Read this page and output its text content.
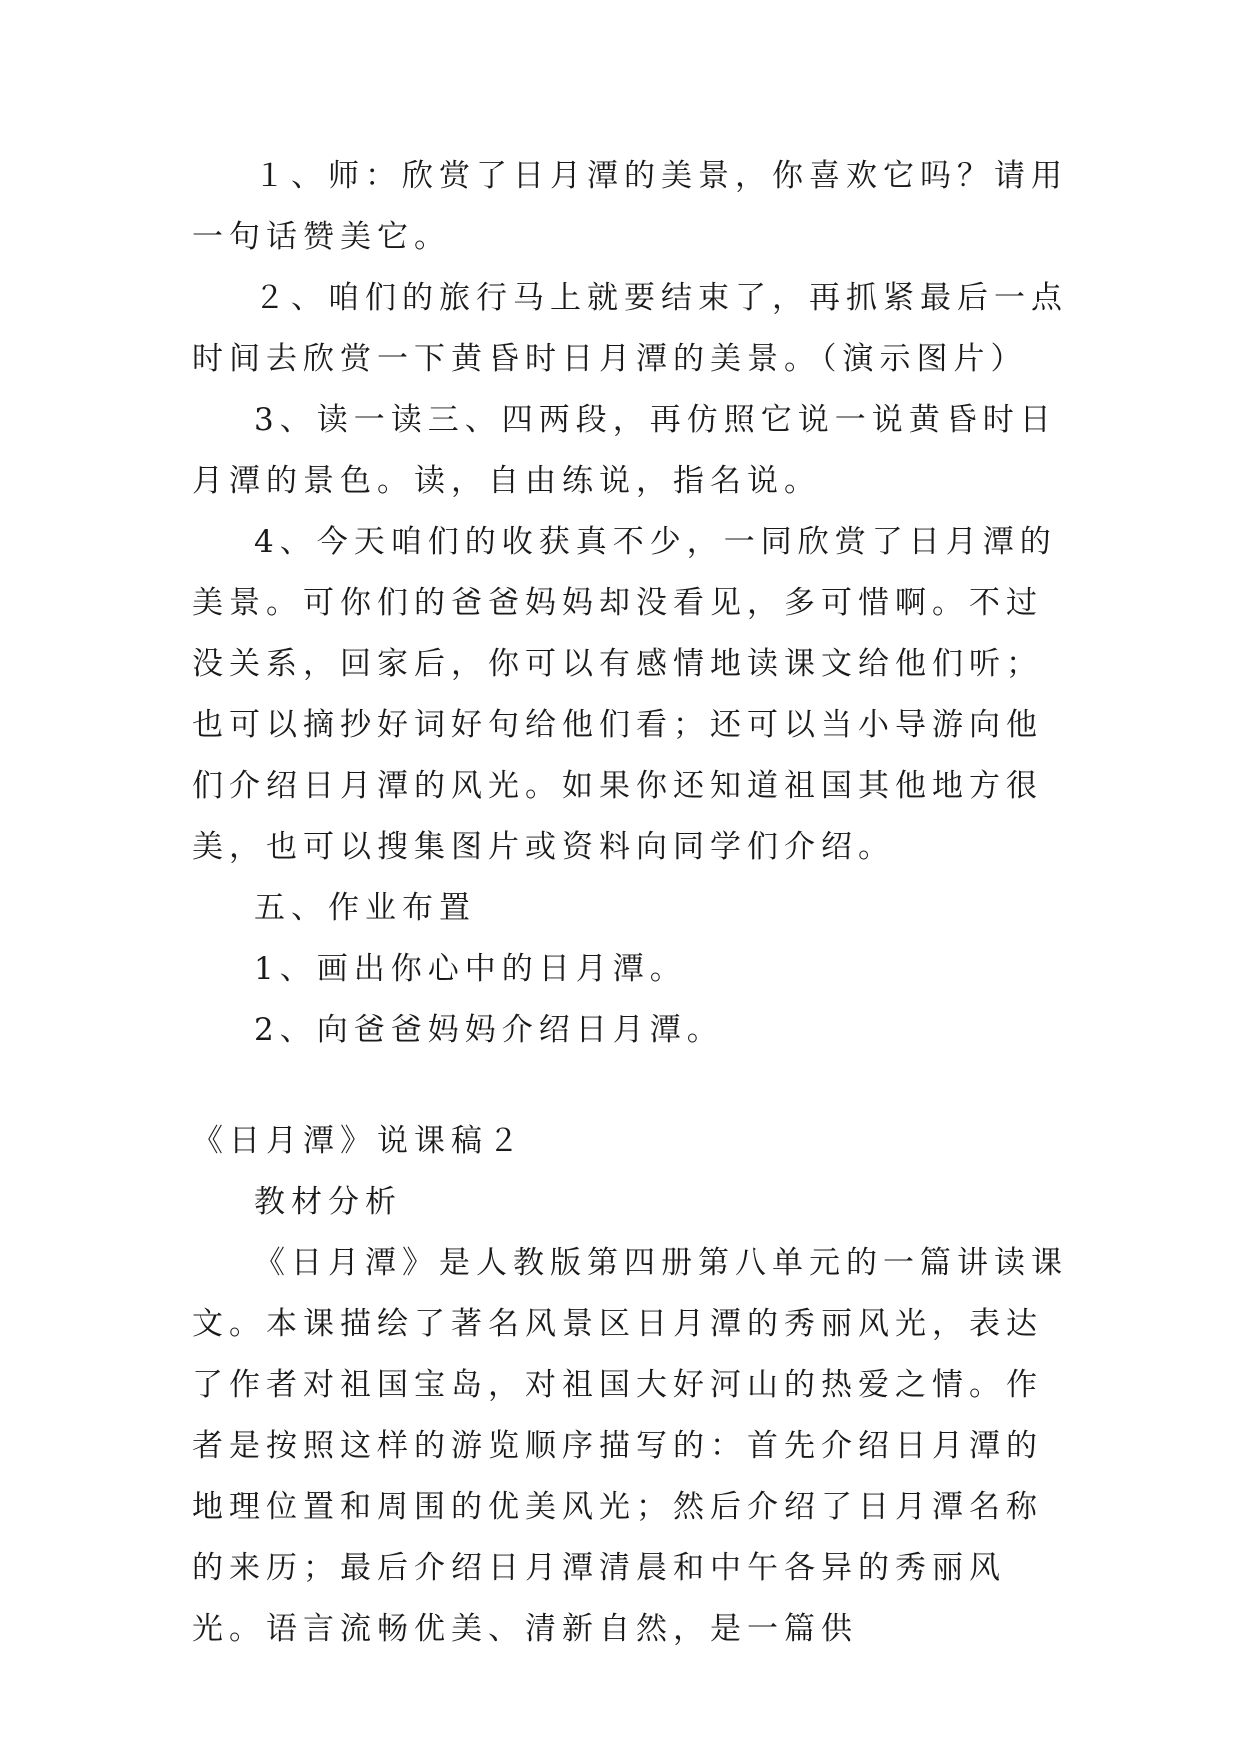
１、师：欣赏了日月潭的美景，你喜欢它吗？请用一句话赞美它。

２、咱们的旅行马上就要结束了，再抓紧最后一点时间去欣赏一下黄昏时日月潭的美景。（演示图片）

3、读一读三、四两段，再仿照它说一说黄昏时日月潭的景色。读，自由练说，指名说。

4、今天咱们的收获真不少，一同欣赏了日月潭的美景。可你们的爸爸妈妈却没看见，多可惜啊。不过没关系，回家后，你可以有感情地读课文给他们听；也可以摘抄好词好句给他们看；还可以当小导游向他们介绍日月潭的风光。如果你还知道祖国其他地方很美，也可以搜集图片或资料向同学们介绍。

五、作业布置

1、画出你心中的日月潭。

2、向爸爸妈妈介绍日月潭。

《日月潭》说课稿２

教材分析

《日月潭》是人教版第四册第八单元的一篇讲读课文。本课描绘了著名风景区日月潭的秀丽风光，表达了作者对祖国宝岛，对祖国大好河山的热爱之情。作者是按照这样的游览顺序描写的：首先介绍日月潭的地理位置和周围的优美风光；然后介绍了日月潭名称的来历；最后介绍日月潭清晨和中午各异的秀丽风光。语言流畅优美、清新自然，是一篇供
